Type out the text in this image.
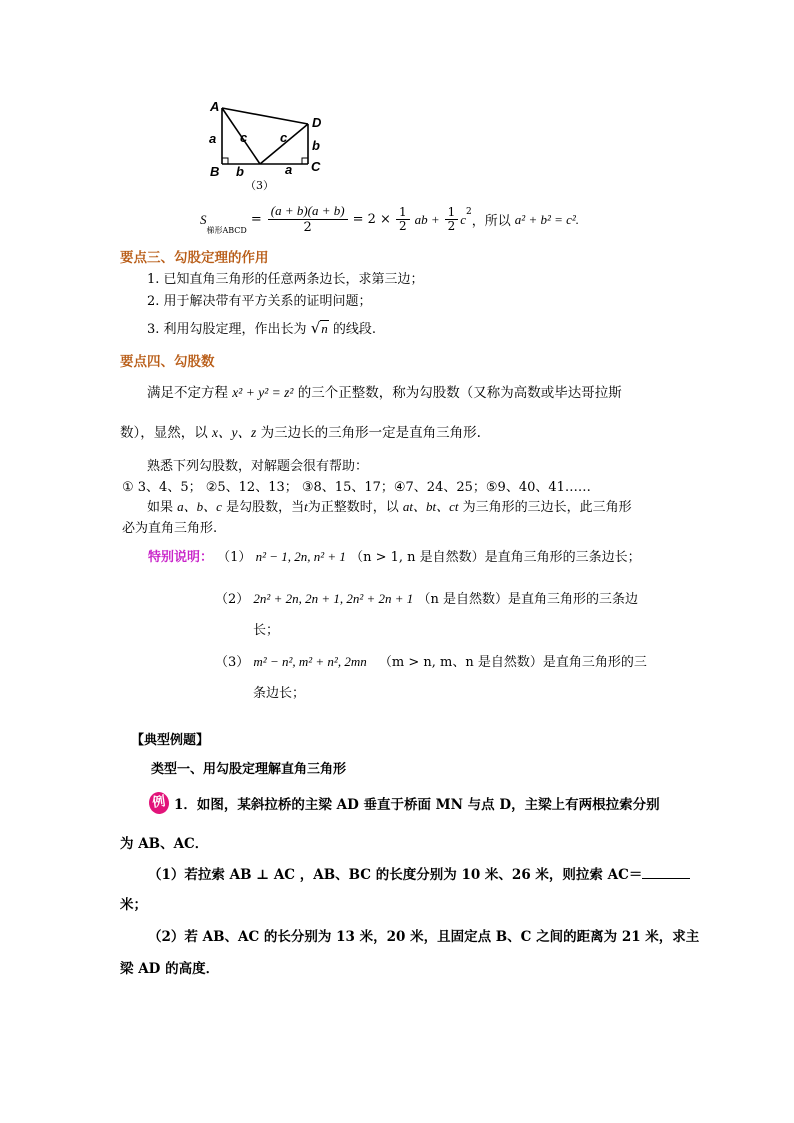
A
D
B	C
a c	c
b
b	a
（3）
S
$_{梯形ABCD}$
= $\frac{(a + b)(a + b)}{2} = 2 \times \frac{1}{2}$ ab + $\frac{1}{2} c^2$
，所以 a² + b² = c².
要点三、勾股定理的作用
1. 已知直角三角形的任意两条边长，求第三边；
2. 用于解决带有平方关系的证明问题；
3. 利用勾股定理，作出长为 √n 的线段.
要点四、勾股数
满足不定方程 x² + y² = z² 的三个正整数，称为勾股数（又称为高数或毕达哥拉斯
数），显然，以 x、y、z 为三边长的三角形一定是直角三角形.
熟悉下列勾股数，对解题会很有帮助：
① 3、4、5； ②5、12、13； ③8、15、17；④7、24、25；⑤9、40、41……
如果 a、b、c 是勾股数，当t为正整数时，以 at、bt、ct 为三角形的三边长，此三角形
必为直角三角形.
特别说明： （1） n² − 1, 2n, n² + 1 （n > 1, n 是自然数）是直角三角形的三条边长；
（2） 2n² + 2n, 2n + 1, 2n² + 2n + 1 （n 是自然数）是直角三角形的三条边
长；
（3） m² − n², m² + n², 2mn （m > n, m、n 是自然数）是直角三角形的三
条边长；
【典型例题】
类型一、用勾股定理解直角三角形
例 1．如图，某斜拉桥的主梁 AD 垂直于桥面 MN 与点 D，主梁上有两根拉索分别
为 AB、AC．
（1）若拉索 AB ⊥ AC ，AB、BC 的长度分别为 10 米、26 米，则拉索 AC＝
米；
（2）若 AB、AC 的长分别为 13 米，20 米，且固定点 B、C 之间的距离为 21 米，求主
梁 AD 的高度．
